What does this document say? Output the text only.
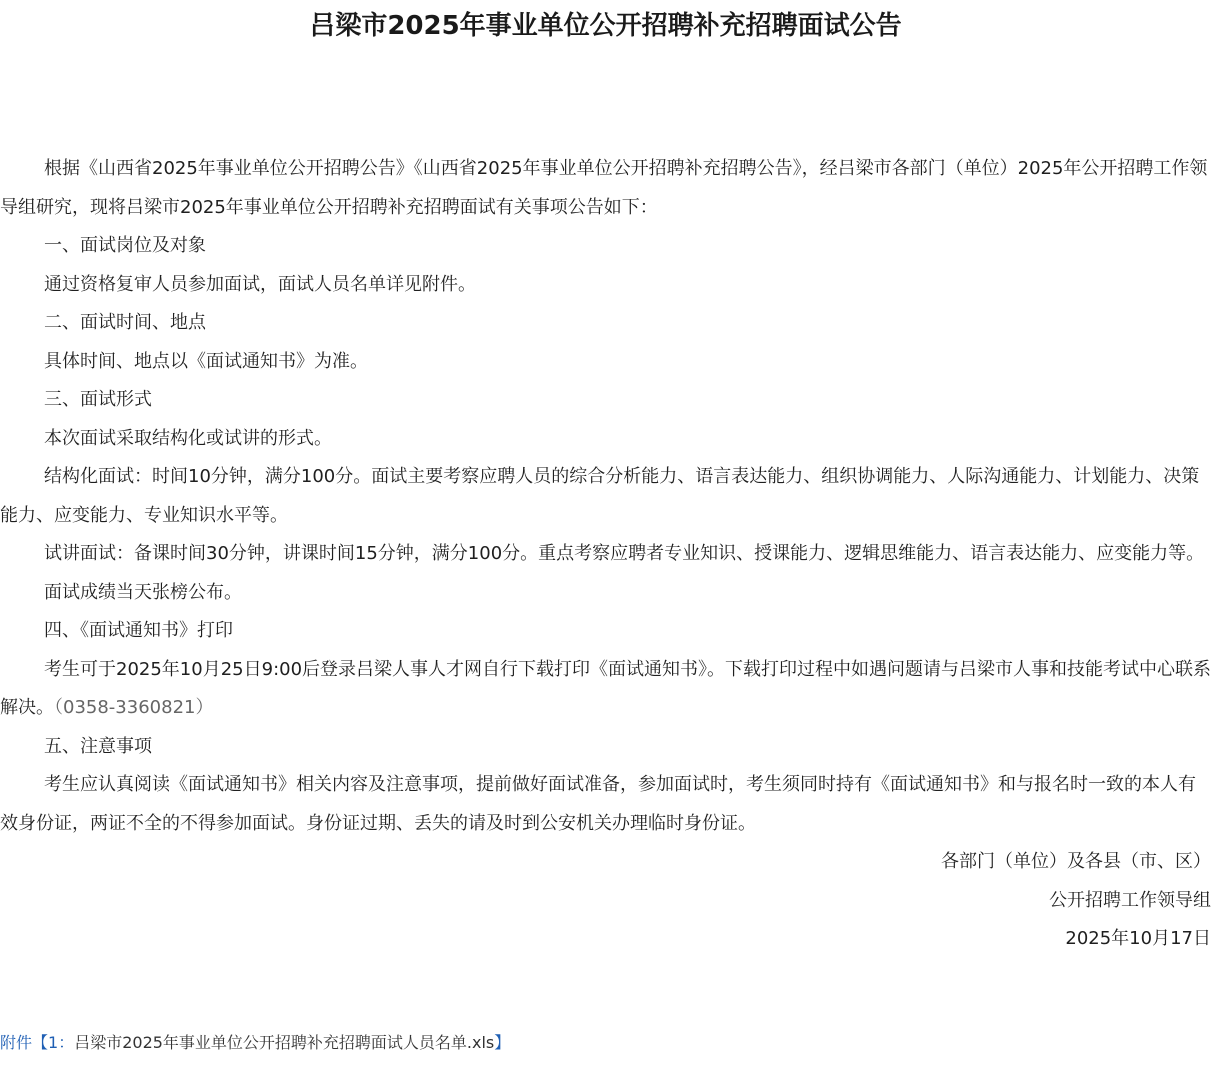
吕梁市2025年事业单位公开招聘补充招聘面试公告

根据《山西省2025年事业单位公开招聘公告》《山西省2025年事业单位公开招聘补充招聘公告》，经吕梁市各部门（单位）2025年公开招聘工作领导组研究，现将吕梁市2025年事业单位公开招聘补充招聘面试有关事项公告如下：

一、面试岗位及对象

通过资格复审人员参加面试，面试人员名单详见附件。

二、面试时间、地点

具体时间、地点以《面试通知书》为准。

三、面试形式

本次面试采取结构化或试讲的形式。

结构化面试：时间10分钟，满分100分。面试主要考察应聘人员的综合分析能力、语言表达能力、组织协调能力、人际沟通能力、计划能力、决策能力、应变能力、专业知识水平等。

试讲面试：备课时间30分钟，讲课时间15分钟，满分100分。重点考察应聘者专业知识、授课能力、逻辑思维能力、语言表达能力、应变能力等。

面试成绩当天张榜公布。

四、《面试通知书》打印

考生可于2025年10月25日9:00后登录吕梁人事人才网自行下载打印《面试通知书》。下载打印过程中如遇问题请与吕梁市人事和技能考试中心联系解决。（0358-3360821）

五、注意事项

考生应认真阅读《面试通知书》相关内容及注意事项，提前做好面试准备，参加面试时，考生须同时持有《面试通知书》和与报名时一致的本人有效身份证，两证不全的不得参加面试。身份证过期、丢失的请及时到公安机关办理临时身份证。

各部门（单位）及各县（市、区）

公开招聘工作领导组

2025年10月17日

附件【1：吕梁市2025年事业单位公开招聘补充招聘面试人员名单.xls】
